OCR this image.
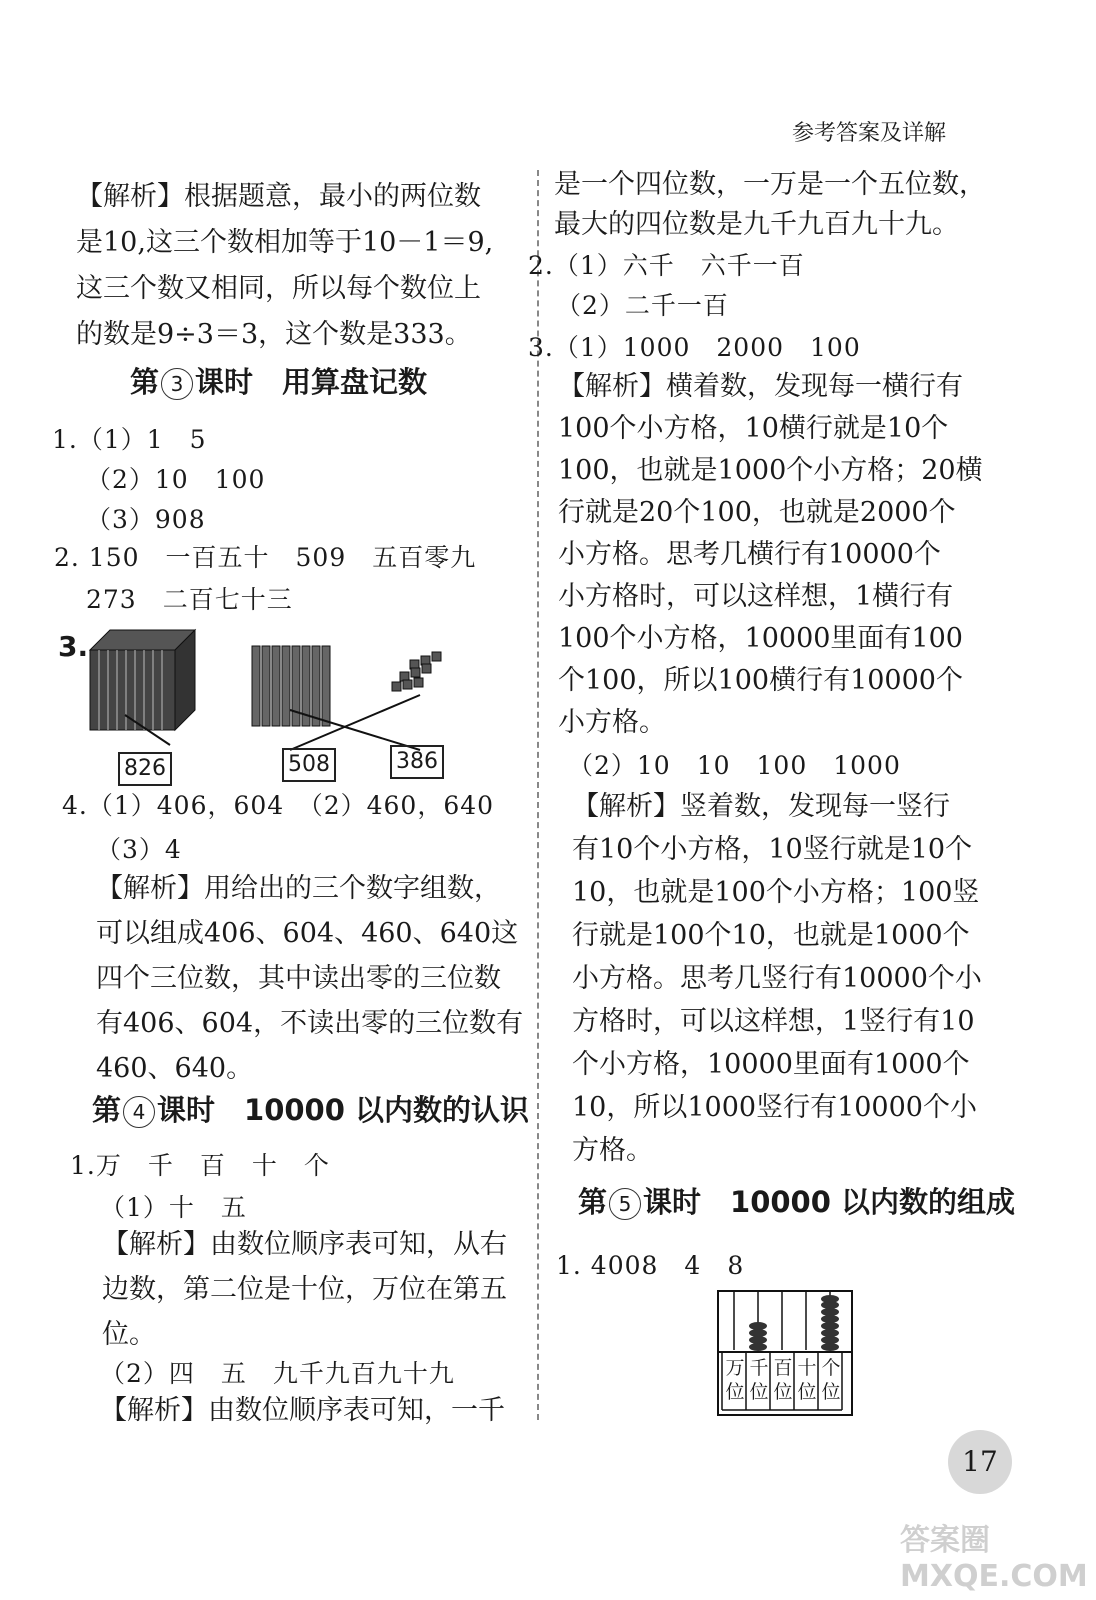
参考答案及详解
【解析】根据题意，最小的两位数
是10,这三个数相加等于10－1＝9,
这三个数又相同，所以每个数位上
的数是9÷3＝3，这个数是333。
第 3 课时　用算盘记数
1.（1）1　5
（2）10　100
（3）908
2. 150　一百五十　509　五百零九
273　二百七十三
3.
826	508	386
4.（1）406，604　（2）460，640
（3）4
【解析】用给出的三个数字组数，
可以组成406、604、460、640这
四个三位数，其中读出零的三位数
有406、604，不读出零的三位数有
460、640。
第 4 课时　10000 以内数的认识
1.万　千　百　十　个
（1）十　五
【解析】由数位顺序表可知，从右
边数，第二位是十位，万位在第五
位。
（2）四　五　九千九百九十九
【解析】由数位顺序表可知，一千
是一个四位数，一万是一个五位数，
最大的四位数是九千九百九十九。
2.（1）六千　六千一百
（2）二千一百
3.（1）1000　2000　100
【解析】横着数，发现每一横行有
100个小方格，10横行就是10个
100，也就是1000个小方格；20横
行就是20个100，也就是2000个
小方格。思考几横行有10000个
小方格时，可以这样想，1横行有
100个小方格，10000里面有100
个100，所以100横行有10000个
小方格。
（2）10　10　100　1000
【解析】竖着数，发现每一竖行
有10个小方格，10竖行就是10个
10，也就是100个小方格；100竖
行就是100个10，也就是1000个
小方格。思考几竖行有10000个小
方格时，可以这样想，1竖行有10
个小方格，10000里面有1000个
10，所以1000竖行有10000个小
方格。
第 5 课时　10000 以内数的组成
1. 4008　4　8
万位
千位
百位
十位
个位
17
答案圈 MXQE.COM
